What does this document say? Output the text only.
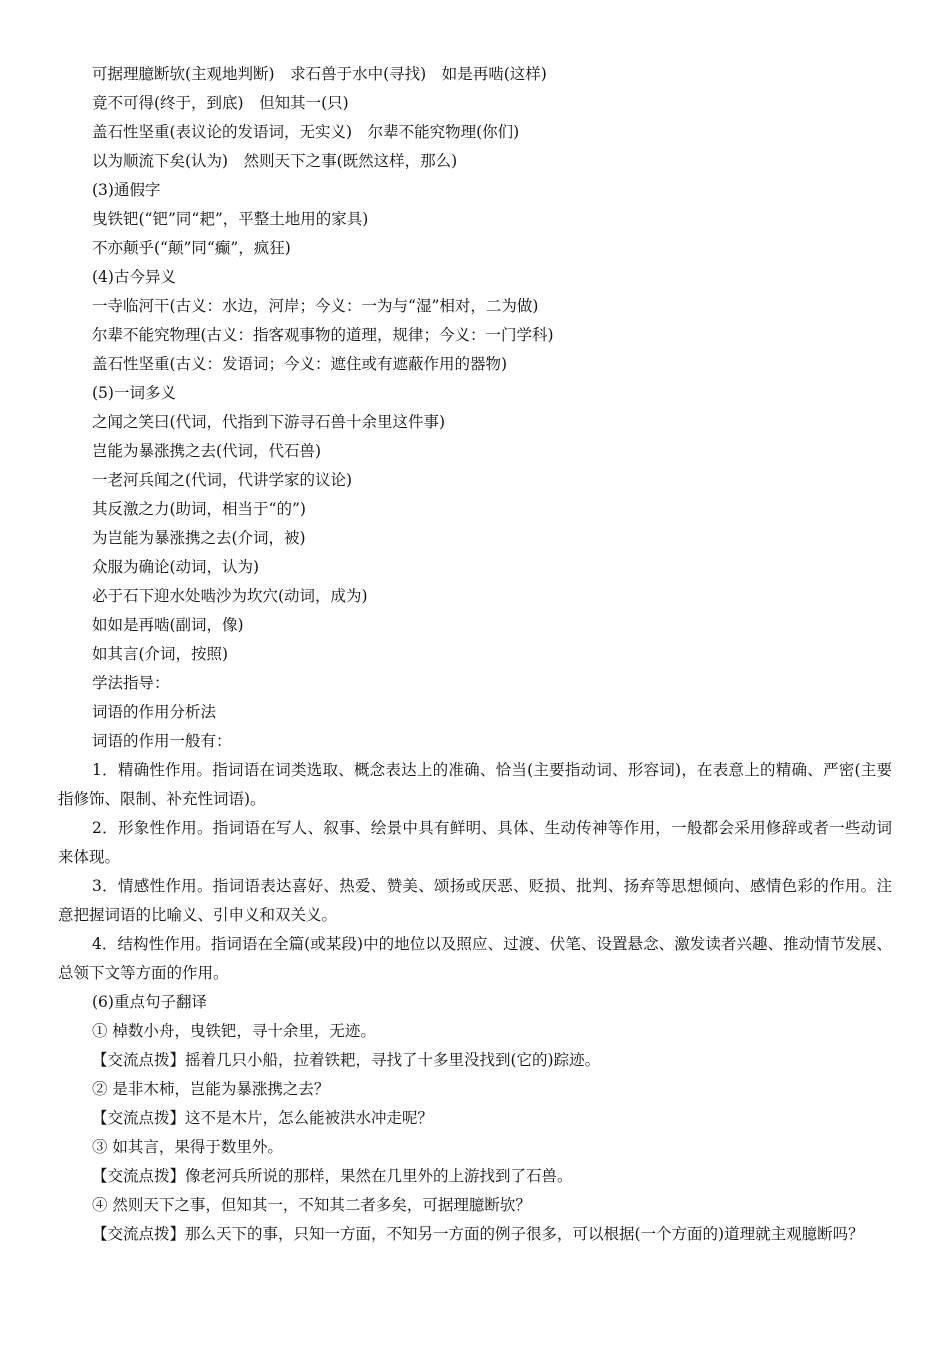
可据理臆断欤(主观地判断)　求石兽于水中(寻找)　如是再啮(这样)
竟不可得(终于，到底)　但知其一(只)
盖石性坚重(表议论的发语词，无实义)　尔辈不能究物理(你们)
以为顺流下矣(认为)　然则天下之事(既然这样，那么)
(3)通假字
曳铁钯(“钯”同“耙”，平整土地用的家具)
不亦颠乎(“颠”同“癫”，疯狂)
(4)古今异义
一寺临河干(古义：水边，河岸；今义：一为与“湿”相对，二为做)
尔辈不能究物理(古义：指客观事物的道理，规律；今义：一门学科)
盖石性坚重(古义：发语词；今义：遮住或有遮蔽作用的器物)
(5)一词多义
之闻之笑曰(代词，代指到下游寻石兽十余里这件事)
岂能为暴涨携之去(代词，代石兽)
一老河兵闻之(代词，代讲学家的议论)
其反激之力(助词，相当于“的”)
为岂能为暴涨携之去(介词，被)
众服为确论(动词，认为)
必于石下迎水处啮沙为坎穴(动词，成为)
如如是再啮(副词，像)
如其言(介词，按照)
学法指导：
词语的作用分析法
词语的作用一般有：
1．精确性作用。指词语在词类选取、概念表达上的准确、恰当(主要指动词、形容词)，在表意上的精确、严密(主要指修饰、限制、补充性词语)。
2．形象性作用。指词语在写人、叙事、绘景中具有鲜明、具体、生动传神等作用，一般都会采用修辞或者一些动词来体现。
3．情感性作用。指词语表达喜好、热爱、赞美、颂扬或厌恶、贬损、批判、扬弃等思想倾向、感情色彩的作用。注意把握词语的比喻义、引申义和双关义。
4．结构性作用。指词语在全篇(或某段)中的地位以及照应、过渡、伏笔、设置悬念、激发读者兴趣、推动情节发展、总领下文等方面的作用。
(6)重点句子翻译
① 棹数小舟，曳铁钯，寻十余里，无迹。
【交流点拨】摇着几只小船，拉着铁耙，寻找了十多里没找到(它的)踪迹。
② 是非木柿，岂能为暴涨携之去？
【交流点拨】这不是木片，怎么能被洪水冲走呢？
③ 如其言，果得于数里外。
【交流点拨】像老河兵所说的那样，果然在几里外的上游找到了石兽。
④ 然则天下之事，但知其一，不知其二者多矣，可据理臆断欤？
【交流点拨】那么天下的事，只知一方面，不知另一方面的例子很多，可以根据(一个方面的)道理就主观臆断吗？
